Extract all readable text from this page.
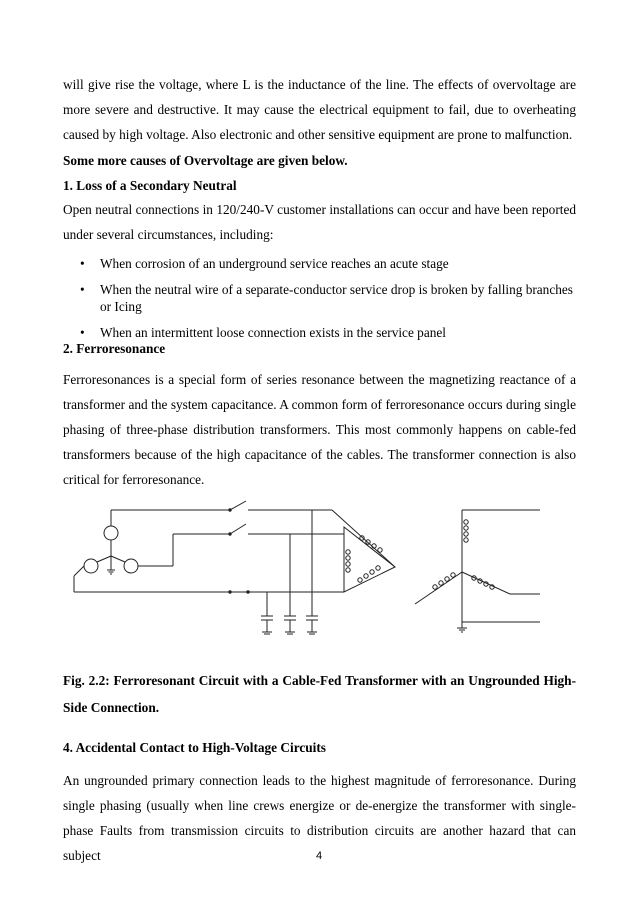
will give rise the voltage, where L is the inductance of the line. The effects of overvoltage are more severe and destructive. It may cause the electrical equipment to fail, due to overheating caused by high voltage. Also electronic and other sensitive equipment are prone to malfunction.

Some more causes of Overvoltage are given below.

1. Loss of a Secondary Neutral

Open neutral connections in 120/240-V customer installations can occur and have been reported under several circumstances, including:

• When corrosion of an underground service reaches an acute stage
• When the neutral wire of a separate-conductor service drop is broken by falling branches or Icing
• When an intermittent loose connection exists in the service panel

2. Ferroresonance

Ferroresonances is a special form of series resonance between the magnetizing reactance of a transformer and the system capacitance. A common form of ferroresonance occurs during single phasing of three-phase distribution transformers. This most commonly happens on cable-fed transformers because of the high capacitance of the cables. The transformer connection is also critical for ferroresonance.

Fig. 2.2: Ferroresonant Circuit with a Cable-Fed Transformer with an Ungrounded High-Side Connection.

4. Accidental Contact to High-Voltage Circuits

An ungrounded primary connection leads to the highest magnitude of ferroresonance. During single phasing (usually when line crews energize or de-energize the transformer with single-phase Faults from transmission circuits to distribution circuits are another hazard that can subject	4
